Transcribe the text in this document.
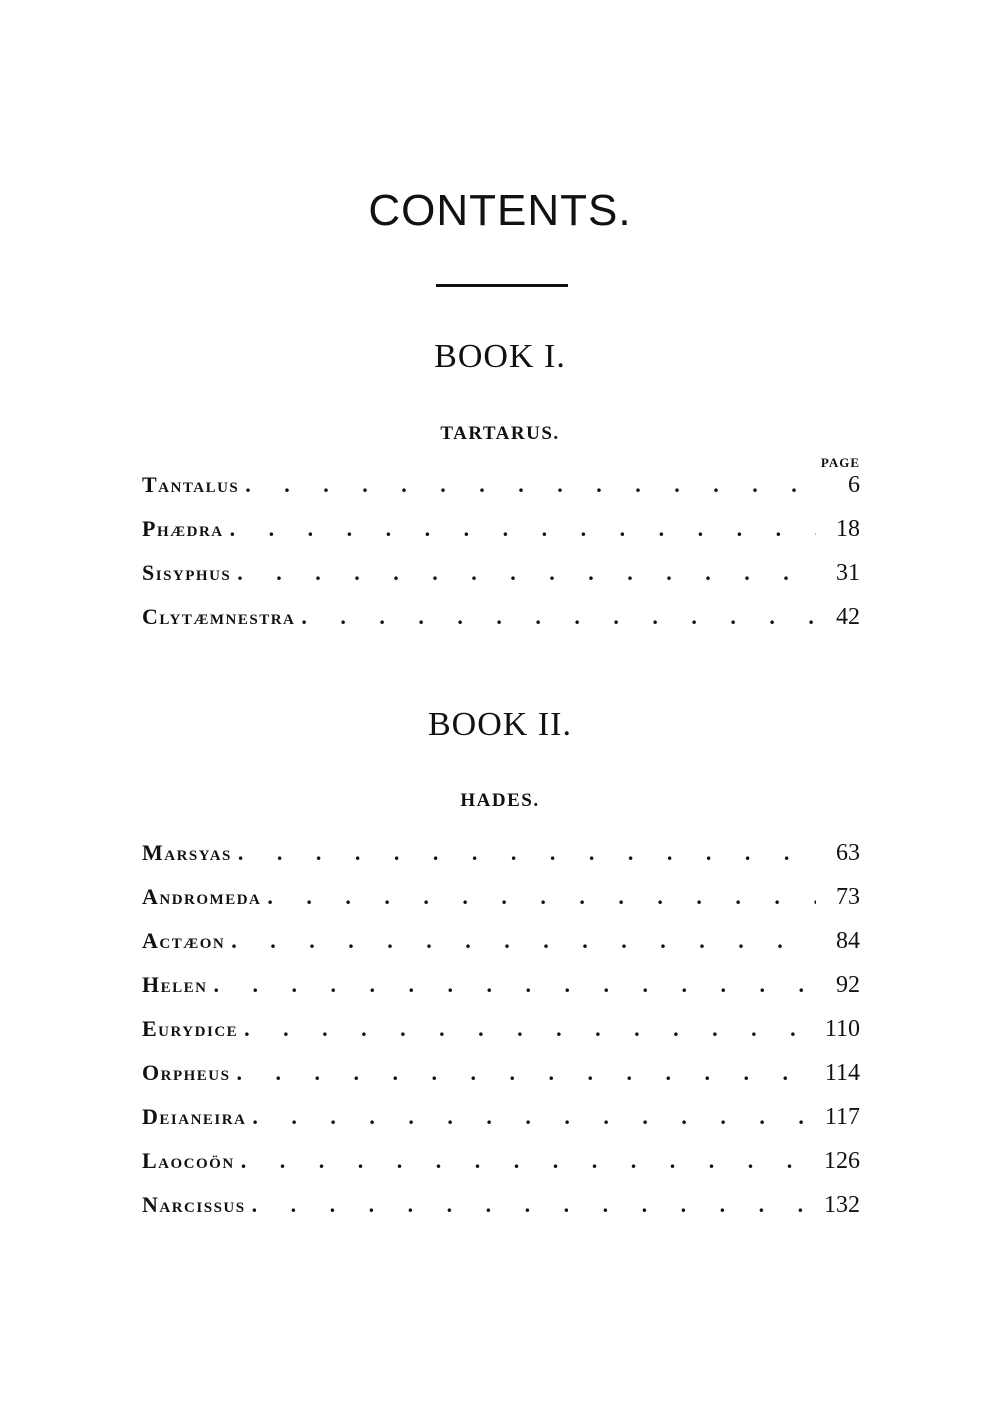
CONTENTS.
BOOK I.
TARTARUS.
PAGE
Tantalus . . .	6
Phædra . . .	18
Sisyphus . . .	31
Clytæmnestra . . .	42
BOOK II.
HADES.
Marsyas . . .	63
Andromeda . . .	73
Actæon . . .	84
Helen . . .	92
Eurydice . . .	110
Orpheus . . .	114
Deianeira . . .	117
Laocoön . . .	126
Narcissus . . .	132
